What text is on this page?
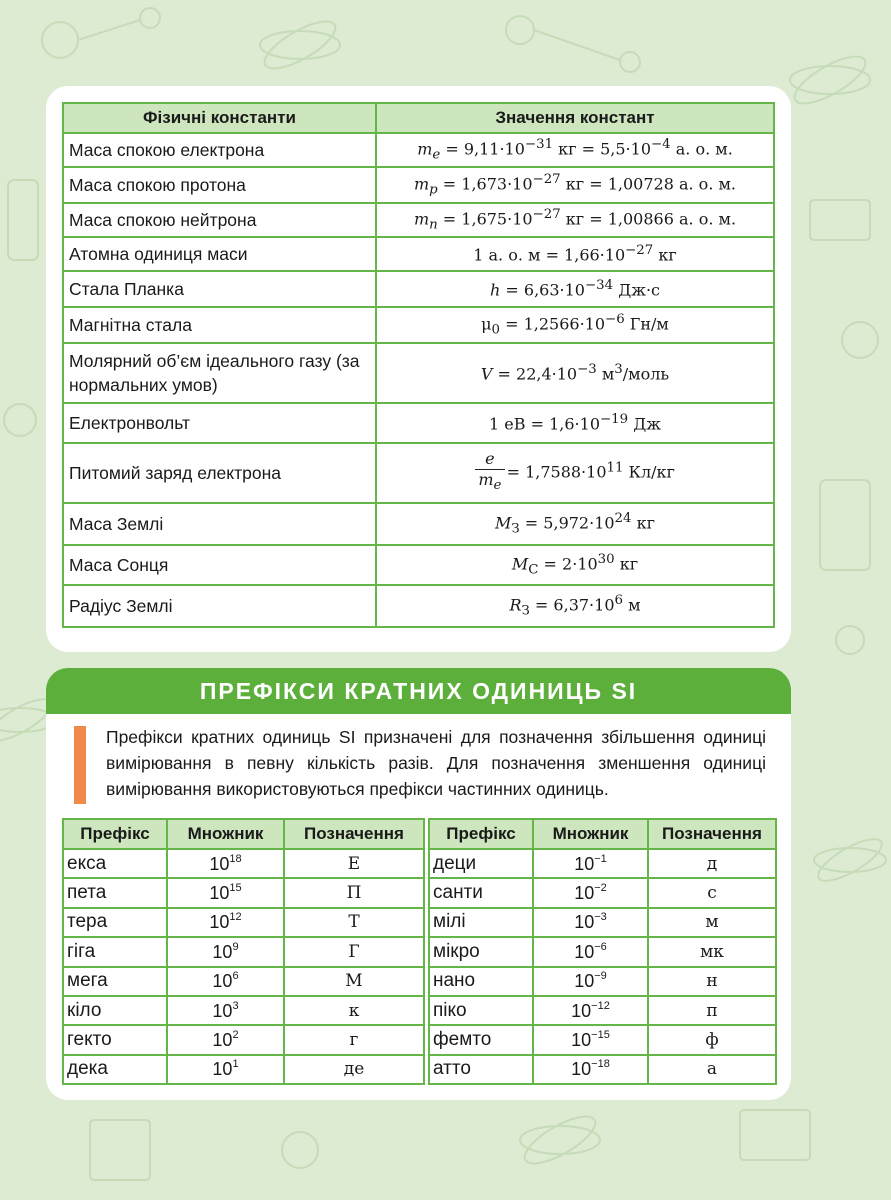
Фізичні константи	Значення констант
Маса спокою електрона	$m_e = 9,11\cdot 10^{-31}$ кг = $5,5\cdot 10^{-4}$ а. о. м.
Маса спокою протона	$m_p = 1,673\cdot 10^{-27}$ кг = 1,00728 а. о. м.
Маса спокою нейтрона	$m_n = 1,675\cdot 10^{-27}$ кг = 1,00866 а. о. м.
Атомна одиниця маси	1 а. о. $м = 1,66\cdot 10^{-27}$ кг
Стала Планка	$h = 6,63\cdot 10^{-34}$ Дж·с
Магнітна стала	$\mu_0 = 1,2566\cdot 10^{-6}$ Гн/м
Молярний об’єм ідеального газу (за нормальних умов)	$V = 22,4\cdot 10^{-3}$ $м^3$/моль
Електронвольт	1 еВ = $1,6\cdot 10^{-19}$ Дж
Питомий заряд електрона	$\frac{e}{m_e} = 1,7588\cdot 10^{11}$ Кл/кг
Маса Землі	$M_З = 5,972\cdot 10^{24}$ кг
Маса Сонця	$M_С = 2\cdot 10^{30}$ кг
Радіус Землі	$R_З = 6,37\cdot 10^6$ м
ПРЕФІКСИ КРАТНИХ ОДИНИЦЬ SI

Префікси кратних одиниць SI призначені для позначення збільшення одиниці вимірювання в певну кількість разів. Для позначення зменшення одиниці вимірювання використовуються префікси частинних одиниць.

Префікс	Множник	Позначення
екса	$10^{18}$	Е
пета	$10^{15}$	П
тера	$10^{12}$	Т
гіга	$10^9$	Г
мега	$10^6$	М
кіло	$10^3$	к
гекто	$10^2$	г
дека	$10^1$	де
Префікс	Множник	Позначення
деци	$10^{-1}$	д
санти	$10^{-2}$	с
мілі	$10^{-3}$	м
мікро	$10^{-6}$	мк
нано	$10^{-9}$	н
піко	$10^{-12}$	п
фемто	$10^{-15}$	ф
атто	$10^{-18}$	а
